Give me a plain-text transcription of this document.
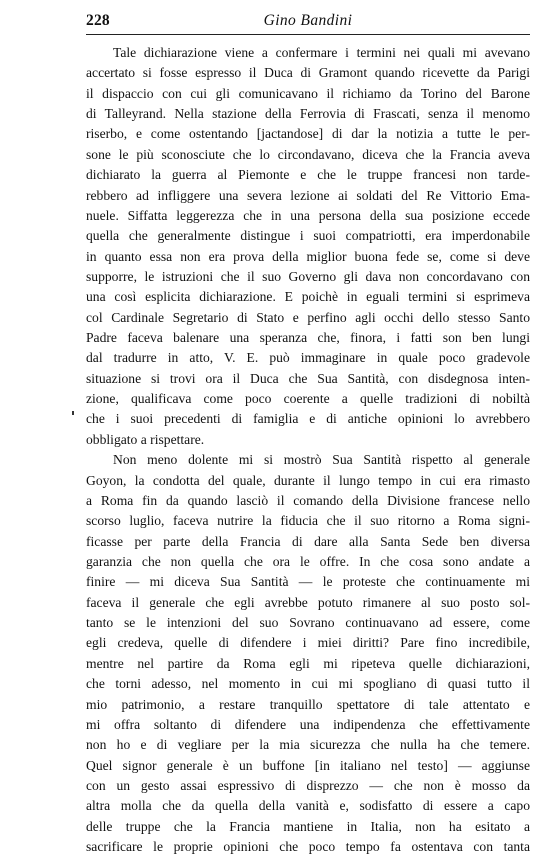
228	Gino Bandini
Tale dichiarazione viene a confermare i termini nei quali mi avevano
accertato si fosse espresso il Duca di Gramont quando ricevette da Parigi
il dispaccio con cui gli comunicavano il richiamo da Torino del Barone
di Talleyrand. Nella stazione della Ferrovia di Frascati, senza il menomo
riserbo, e come ostentando [jactandose] di dar la notizia a tutte le per-
sone le più sconosciute che lo circondavano, diceva che la Francia aveva
dichiarato la guerra al Piemonte e che le truppe francesi non tarde-
rebbero ad infliggere una severa lezione ai soldati del Re Vittorio Ema-
nuele. Siffatta leggerezza che in una persona della sua posizione eccede
quella che generalmente distingue i suoi compatriotti, era imperdonabile
in quanto essa non era prova della miglior buona fede se, come si deve
supporre, le istruzioni che il suo Governo gli dava non concordavano con
una così esplicita dichiarazione. E poichè in eguali termini si esprimeva
col Cardinale Segretario di Stato e perfino agli occhi dello stesso Santo
Padre faceva balenare una speranza che, finora, i fatti son ben lungi
dal tradurre in atto, V. E. può immaginare in quale poco gradevole
situazione si trovi ora il Duca che Sua Santità, con disdegnosa inten-
zione, qualificava come poco coerente a quelle tradizioni di nobiltà
che i suoi precedenti di famiglia e di antiche opinioni lo avrebbero
obbligato a rispettare.
Non meno dolente mi si mostrò Sua Santità rispetto al generale
Goyon, la condotta del quale, durante il lungo tempo in cui era rimasto
a Roma fin da quando lasciò il comando della Divisione francese nello
scorso luglio, faceva nutrire la fiducia che il suo ritorno a Roma signi-
ficasse per parte della Francia di dare alla Santa Sede ben diversa
garanzia che non quella che ora le offre. In che cosa sono andate a
finire — mi diceva Sua Santità — le proteste che continuamente mi
faceva il generale che egli avrebbe potuto rimanere al suo posto sol-
tanto se le intenzioni del suo Sovrano continuavano ad essere, come
egli credeva, quelle di difendere i miei diritti? Pare fino incredibile,
mentre nel partire da Roma egli mi ripeteva quelle dichiarazioni,
che torni adesso, nel momento in cui mi spogliano di quasi tutto il
mio patrimonio, a restare tranquillo spettatore di tale attentato e
mi offra soltanto di difendere una indipendenza che effettivamente
non ho e di vegliare per la mia sicurezza che nulla ha che temere.
Quel signor generale è un buffone [in italiano nel testo] — aggiunse
con un gesto assai espressivo di disprezzo — che non è mosso da
altra molla che da quella della vanità e, sodisfatto di essere a capo
delle truppe che la Francia mantiene in Italia, non ha esitato a
sacrificare le proprie opinioni che poco tempo fa ostentava con tanta
